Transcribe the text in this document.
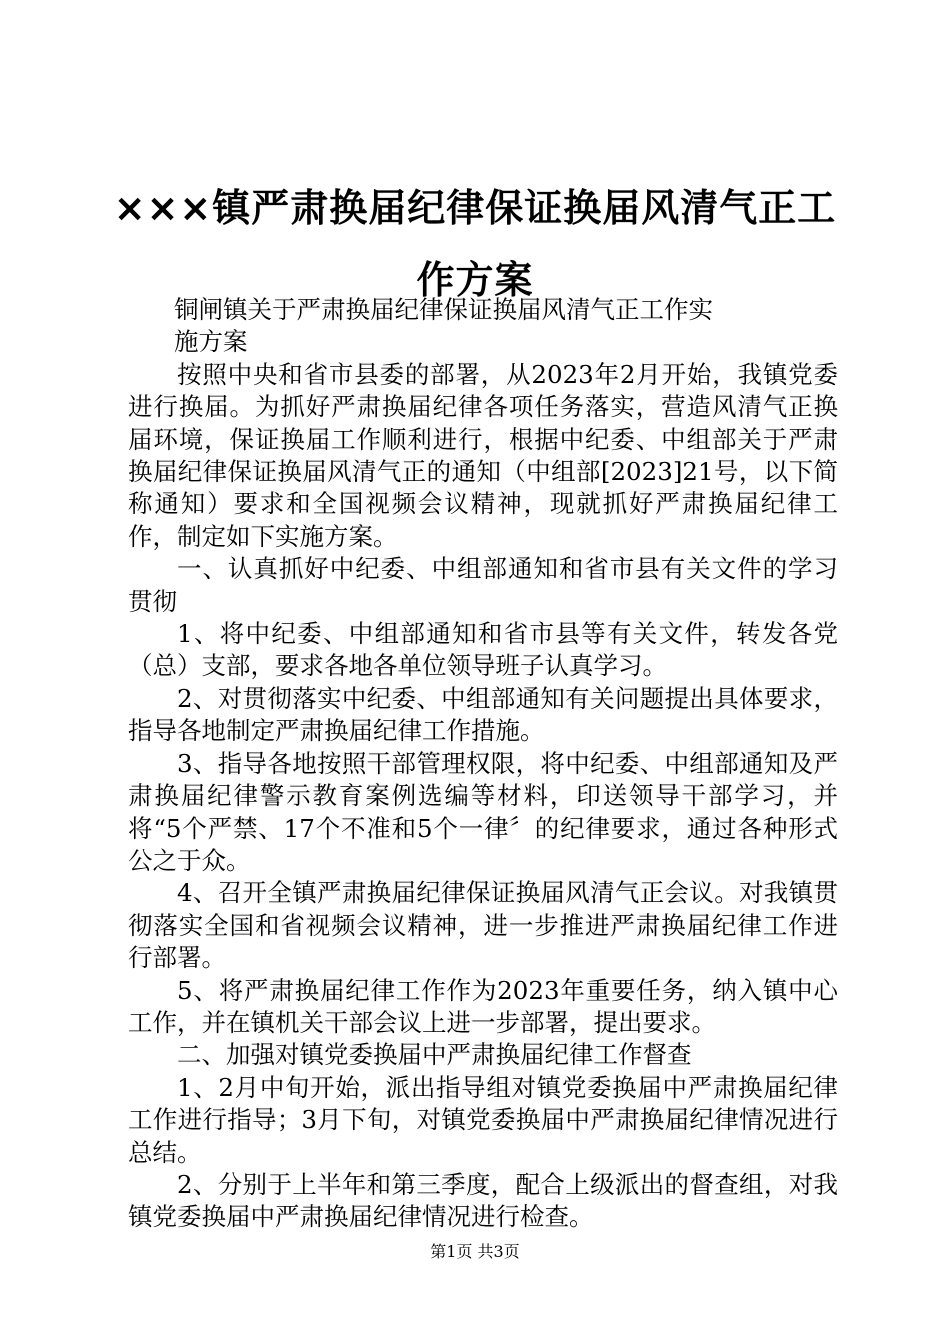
×××镇严肃换届纪律保证换届风清气正工作方案

铜闸镇关于严肃换届纪律保证换届风清气正工作实

施方案

按照中央和省市县委的部署，从2023年2月开始，我镇党委进行换届。为抓好严肃换届纪律各项任务落实，营造风清气正换届环境，保证换届工作顺利进行，根据中纪委、中组部关于严肃换届纪律保证换届风清气正的通知（中组部[2023]21号，以下简称通知）要求和全国视频会议精神，现就抓好严肃换届纪律工作，制定如下实施方案。

一、认真抓好中纪委、中组部通知和省市县有关文件的学习贯彻

1、将中纪委、中组部通知和省市县等有关文件，转发各党（总）支部，要求各地各单位领导班子认真学习。

2、对贯彻落实中纪委、中组部通知有关问题提出具体要求，指导各地制定严肃换届纪律工作措施。

3、指导各地按照干部管理权限，将中纪委、中组部通知及严肃换届纪律警示教育案例选编等材料，印送领导干部学习，并将“5个严禁、17个不准和5个一律〞的纪律要求，通过各种形式公之于众。

4、召开全镇严肃换届纪律保证换届风清气正会议。对我镇贯彻落实全国和省视频会议精神，进一步推进严肃换届纪律工作进行部署。

5、将严肃换届纪律工作作为2023年重要任务，纳入镇中心工作，并在镇机关干部会议上进一步部署，提出要求。

二、加强对镇党委换届中严肃换届纪律工作督查

1、2月中旬开始，派出指导组对镇党委换届中严肃换届纪律工作进行指导；3月下旬，对镇党委换届中严肃换届纪律情况进行总结。

2、分别于上半年和第三季度，配合上级派出的督查组，对我镇党委换届中严肃换届纪律情况进行检查。

第1页 共3页
